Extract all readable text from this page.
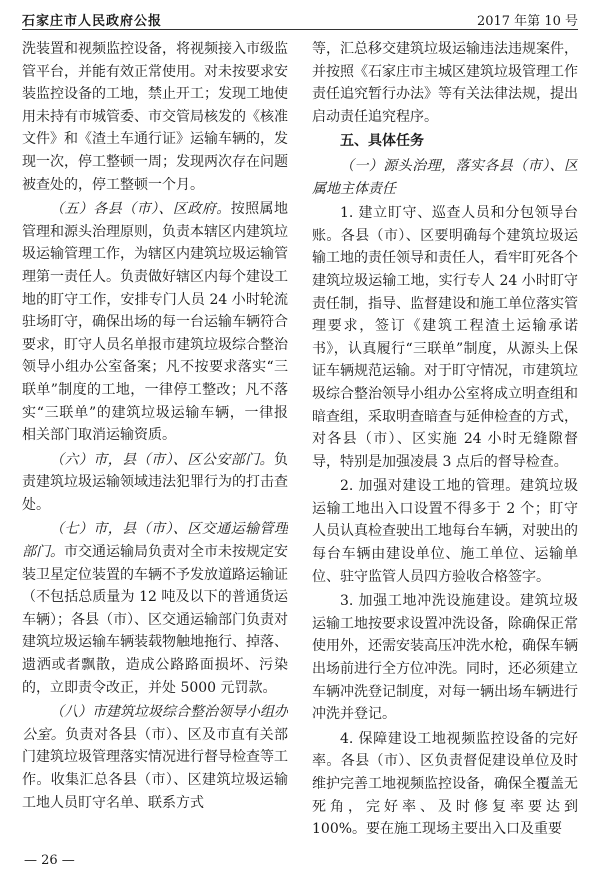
石家庄市人民政府公报	2017 年第 10 号

洗装置和视频监控设备，将视频接入市级监管平台，并能有效正常使用。对未按要求安装监控设备的工地，禁止开工；发现工地使用未持有市城管委、市交管局核发的《核准文件》和《渣土车通行证》运输车辆的，发现一次，停工整顿一周；发现两次存在问题被查处的，停工整顿一个月。

（五）各县（市）、区政府。按照属地管理和源头治理原则，负责本辖区内建筑垃圾运输管理工作，为辖区内建筑垃圾运输管理第一责任人。负责做好辖区内每个建设工地的盯守工作，安排专门人员 24 小时轮流驻场盯守，确保出场的每一台运输车辆符合要求，盯守人员名单报市建筑垃圾综合整治领导小组办公室备案；凡不按要求落实“三联单”制度的工地，一律停工整改；凡不落实“三联单”的建筑垃圾运输车辆，一律报相关部门取消运输资质。

（六）市，县（市）、区公安部门。负责建筑垃圾运输领域违法犯罪行为的打击查处。

（七）市，县（市）、区交通运输管理部门。市交通运输局负责对全市未按规定安装卫星定位装置的车辆不予发放道路运输证（不包括总质量为 12 吨及以下的普通货运车辆）；各县（市）、区交通运输部门负责对建筑垃圾运输车辆装载物触地拖行、掉落、遗洒或者飘散，造成公路路面损坏、污染的，立即责令改正，并处 5000 元罚款。

（八）市建筑垃圾综合整治领导小组办公室。负责对各县（市）、区及市直有关部门建筑垃圾管理落实情况进行督导检查等工作。收集汇总各县（市）、区建筑垃圾运输工地人员盯守名单、联系方式

等，汇总移交建筑垃圾运输违法违规案件，并按照《石家庄市主城区建筑垃圾管理工作责任追究暂行办法》等有关法律法规，提出启动责任追究程序。

五、具体任务

（一）源头治理，落实各县（市）、区属地主体责任

1. 建立盯守、巡查人员和分包领导台账。各县（市）、区要明确每个建筑垃圾运输工地的责任领导和责任人，看牢盯死各个建筑垃圾运输工地，实行专人 24 小时盯守责任制，指导、监督建设和施工单位落实管理要求，签订《建筑工程渣土运输承诺书》，认真履行“三联单”制度，从源头上保证车辆规范运输。对于盯守情况，市建筑垃圾综合整治领导小组办公室将成立明查组和暗查组，采取明查暗查与延伸检查的方式，对各县（市）、区实施 24 小时无缝隙督导，特别是加强凌晨 3 点后的督导检查。

2. 加强对建设工地的管理。建筑垃圾运输工地出入口设置不得多于 2 个；盯守人员认真检查驶出工地每台车辆，对驶出的每台车辆由建设单位、施工单位、运输单位、驻守监管人员四方验收合格签字。

3. 加强工地冲洗设施建设。建筑垃圾运输工地按要求设置冲洗设备，除确保正常使用外，还需安装高压冲洗水枪，确保车辆出场前进行全方位冲洗。同时，还必须建立车辆冲洗登记制度，对每一辆出场车辆进行冲洗并登记。

4. 保障建设工地视频监控设备的完好率。各县（市）、区负责督促建设单位及时维护完善工地视频监控设备，确保全覆盖无死角，完好率、及时修复率要达到 100%。要在施工现场主要出入口及重要

— 26 —
